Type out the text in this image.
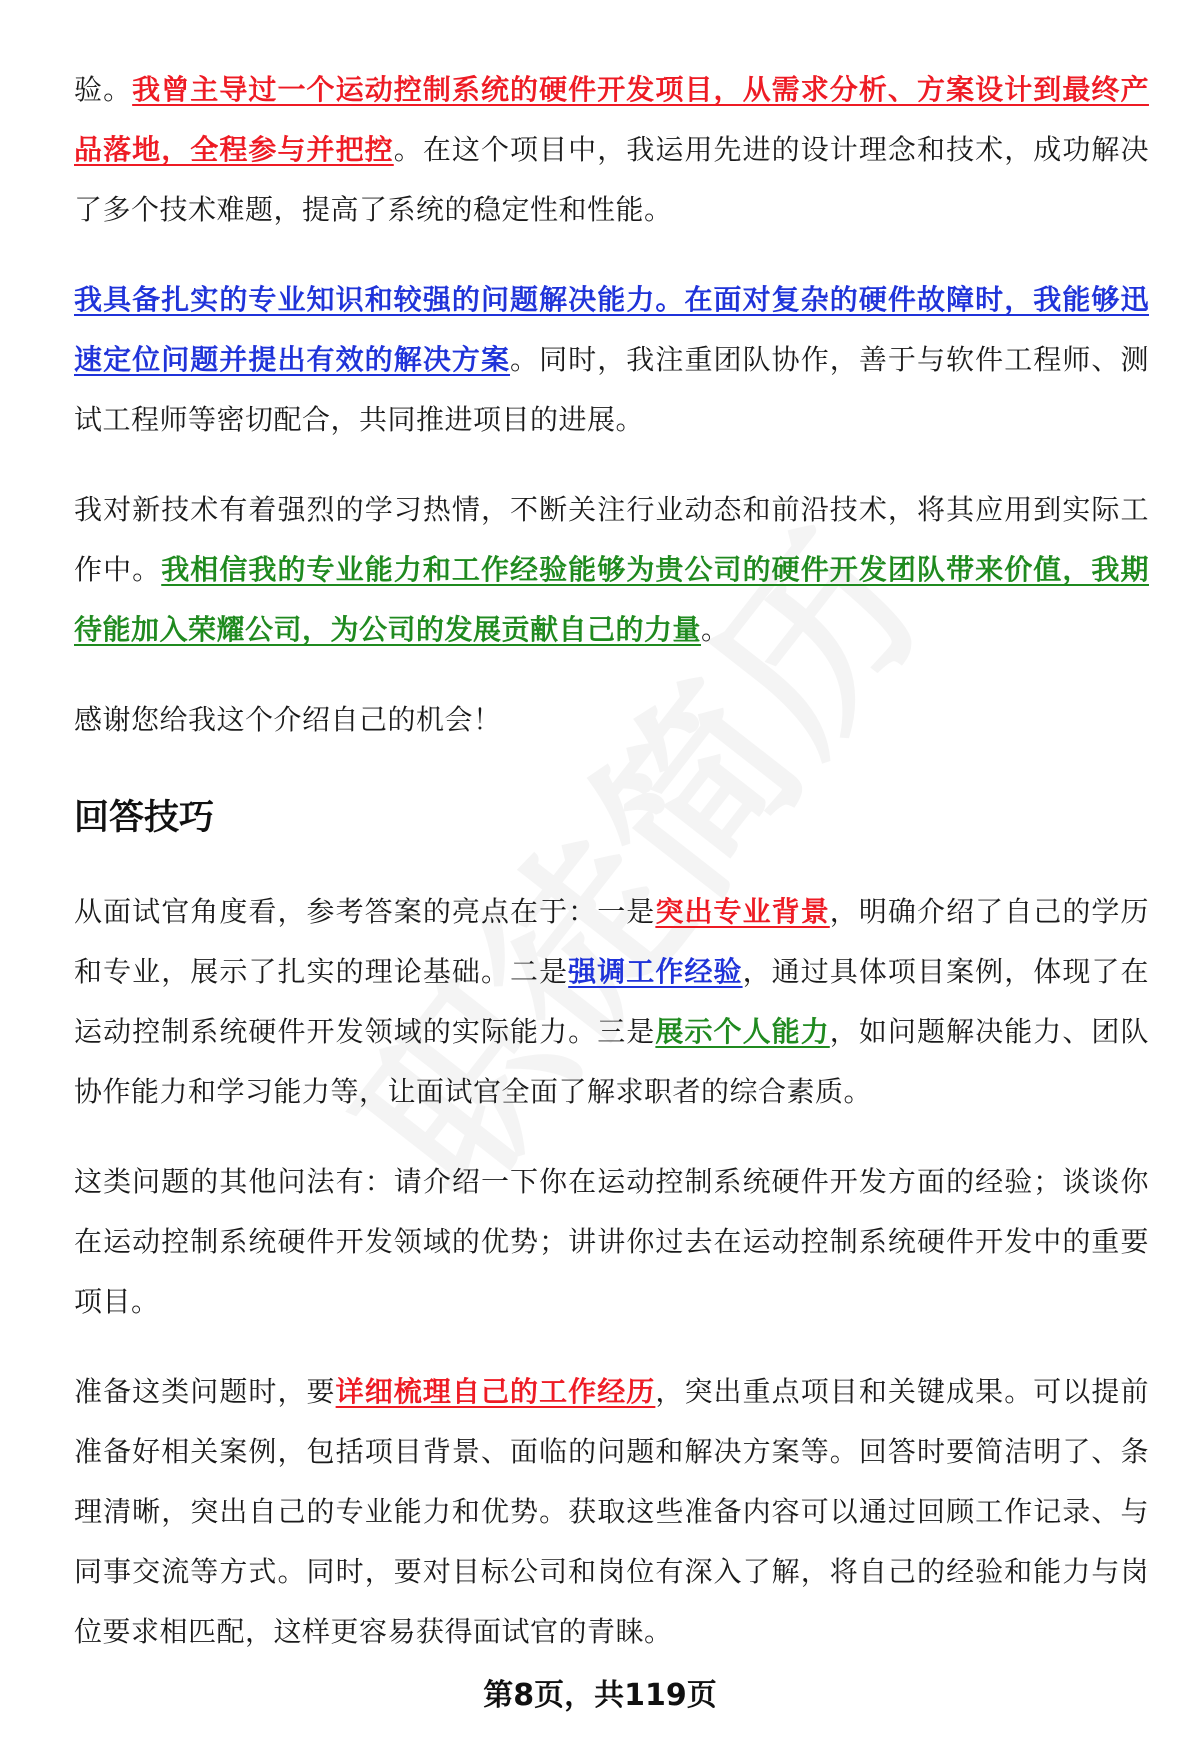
验。我曾主导过一个运动控制系统的硬件开发项目，从需求分析、方案设计到最终产品落地，全程参与并把控。在这个项目中，我运用先进的设计理念和技术，成功解决了多个技术难题，提高了系统的稳定性和性能。

我具备扎实的专业知识和较强的问题解决能力。在面对复杂的硬件故障时，我能够迅速定位问题并提出有效的解决方案。同时，我注重团队协作，善于与软件工程师、测试工程师等密切配合，共同推进项目的进展。

我对新技术有着强烈的学习热情，不断关注行业动态和前沿技术，将其应用到实际工作中。我相信我的专业能力和工作经验能够为贵公司的硬件开发团队带来价值，我期待能加入荣耀公司，为公司的发展贡献自己的力量。

感谢您给我这个介绍自己的机会！

回答技巧

从面试官角度看，参考答案的亮点在于：一是突出专业背景，明确介绍了自己的学历和专业，展示了扎实的理论基础。二是强调工作经验，通过具体项目案例，体现了在运动控制系统硬件开发领域的实际能力。三是展示个人能力，如问题解决能力、团队协作能力和学习能力等，让面试官全面了解求职者的综合素质。

这类问题的其他问法有：请介绍一下你在运动控制系统硬件开发方面的经验；谈谈你在运动控制系统硬件开发领域的优势；讲讲你过去在运动控制系统硬件开发中的重要项目。

准备这类问题时，要详细梳理自己的工作经历，突出重点项目和关键成果。可以提前准备好相关案例，包括项目背景、面临的问题和解决方案等。回答时要简洁明了、条理清晰，突出自己的专业能力和优势。获取这些准备内容可以通过回顾工作记录、与同事交流等方式。同时，要对目标公司和岗位有深入了解，将自己的经验和能力与岗位要求相匹配，这样更容易获得面试官的青睐。

第8页，共119页
